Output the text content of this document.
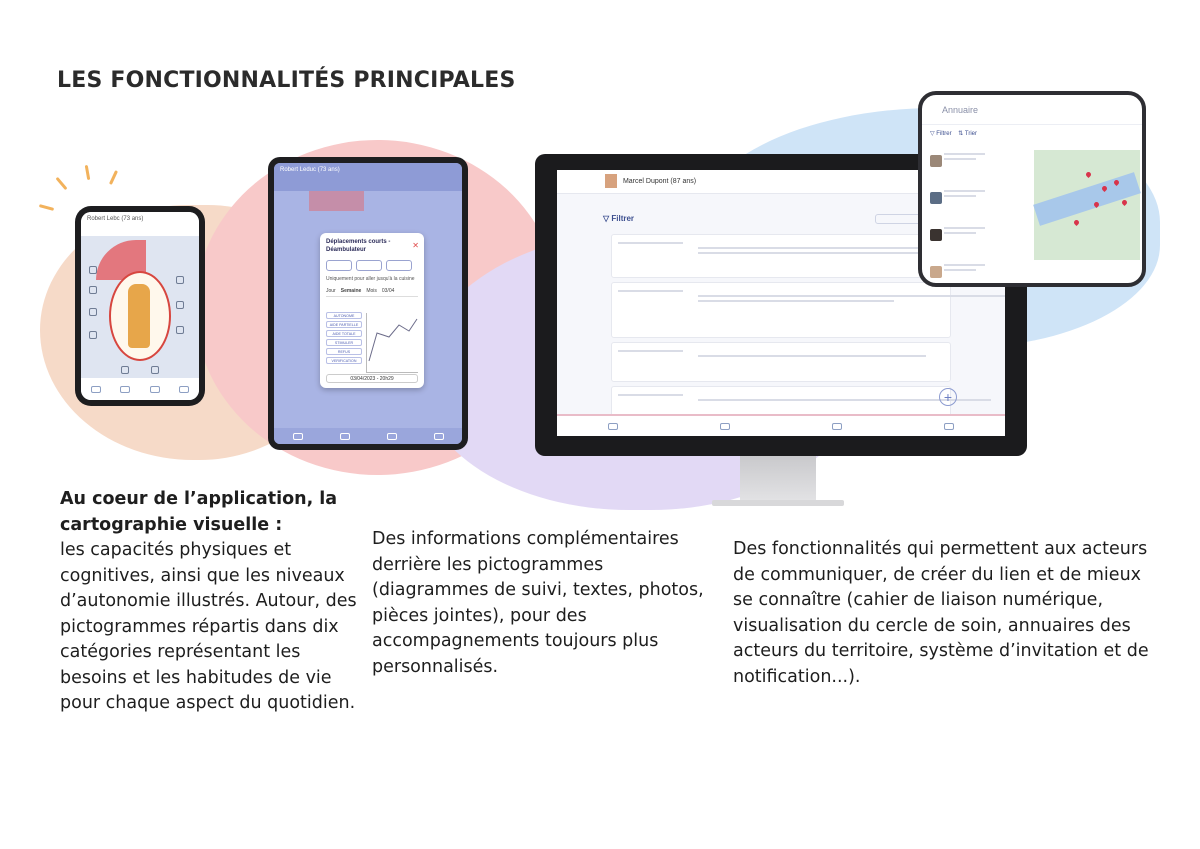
LES FONCTIONNALITÉS PRINCIPALES
Robert Lebc (73 ans)
Robert Leduc (73 ans)
Déplacements courts - Déambulateur	✕
Uniquement pour aller jusqu'à la cuisine
Jour Semaine Mois 03/04
AUTONOME
AIDE PARTIELLE
AIDE TOTALE
STIMULER
REFUS
VERIFICATION
03/04/2023 - 20h29
Marcel Dupont (87 ans)
▽ Filtrer
+
Annuaire
▽ Filtrer ⇅ Trier
Au coeur de l’application, la cartographie visuelle :
les capacités physiques et cognitives, ainsi que les niveaux d’autonomie illustrés. Autour, des pictogrammes répartis dans dix catégories représentant les besoins et les habitudes de vie pour chaque aspect du quotidien.
Des informations complémentaires derrière les pictogrammes (diagrammes de suivi, textes, photos, pièces jointes), pour des accompagnements toujours plus personnalisés.
Des fonctionnalités qui permettent aux acteurs de communiquer, de créer du lien et de mieux se connaître (cahier de liaison numérique, visualisation du cercle de soin, annuaires des acteurs du territoire, système d’invitation et de notification...).
